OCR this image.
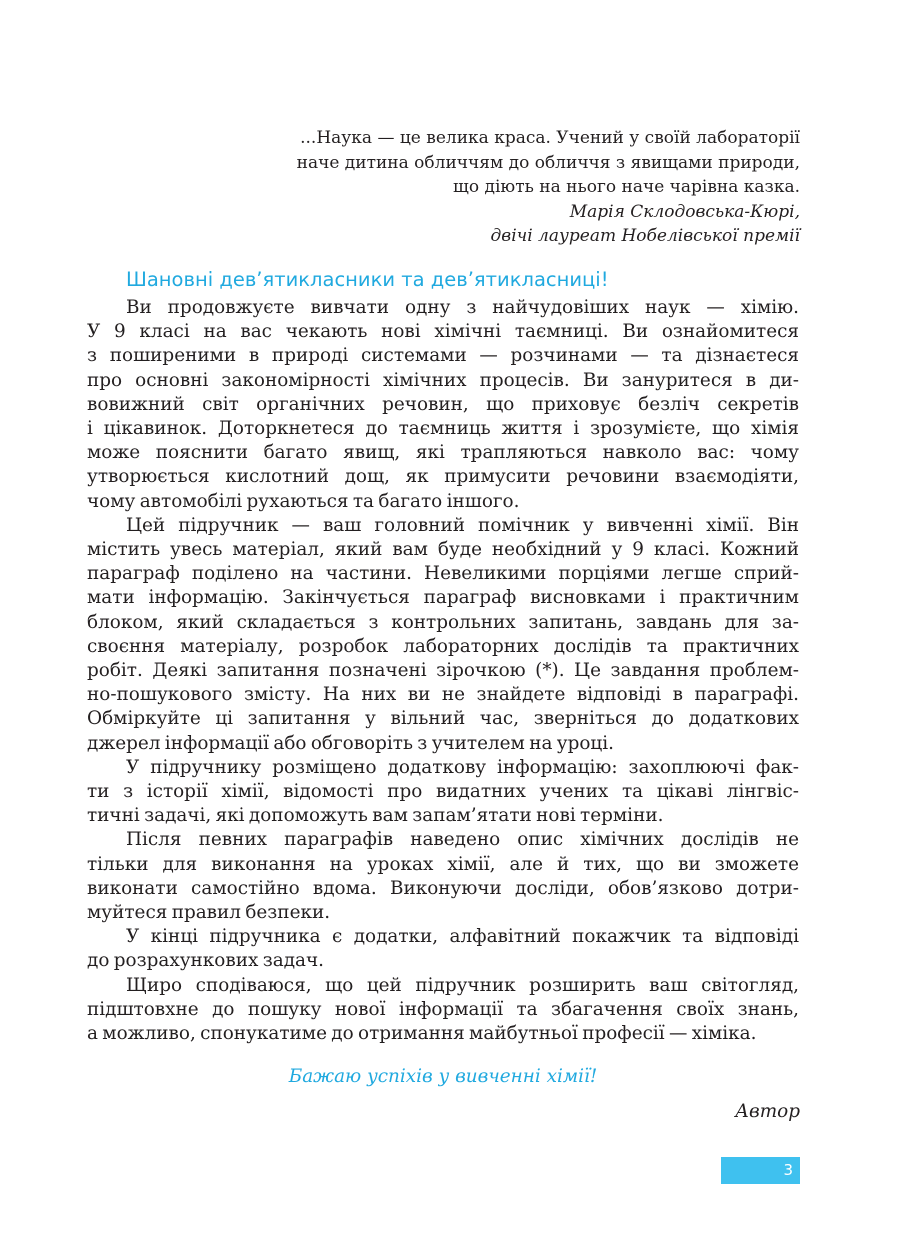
...Наука — це велика краса. Учений у своїй лабораторії
наче дитина обличчям до обличчя з явищами природи,
що діють на нього наче чарівна казка.
Марія Склодовська-Кюрі,
двічі лауреат Нобелівської премії
Шановні дев’ятикласники та дев’ятикласниці!

Ви продовжуєте вивчати одну з найчудовіших наук — хімію.
У 9 класі на вас чекають нові хімічні таємниці. Ви ознайомитеся
з поширеними в природі системами — розчинами — та дізнаєтеся
про основні закономірності хімічних процесів. Ви зануритеся в ди-
вовижний світ органічних речовин, що приховує безліч секретів
і цікавинок. Доторкнетеся до таємниць життя і зрозумієте, що хімія
може пояснити багато явищ, які трапляються навколо вас: чому
утворюється кислотний дощ, як примусити речовини взаємодіяти,
чому автомобілі рухаються та багато іншого.

Цей підручник — ваш головний помічник у вивченні хімії. Він
містить увесь матеріал, який вам буде необхідний у 9 класі. Кожний
параграф поділено на частини. Невеликими порціями легше сприй-
мати інформацію. Закінчується параграф висновками і практичним
блоком, який складається з контрольних запитань, завдань для за-
своєння матеріалу, розробок лабораторних дослідів та практичних
робіт. Деякі запитання позначені зірочкою (*). Це завдання проблем-
но-пошукового змісту. На них ви не знайдете відповіді в параграфі.
Обміркуйте ці запитання у вільний час, зверніться до додаткових
джерел інформації або обговоріть з учителем на уроці.

У підручнику розміщено додаткову інформацію: захоплюючі фак-
ти з історії хімії, відомості про видатних учених та цікаві лінгвіс-
тичні задачі, які допоможуть вам запам’ятати нові терміни.

Після певних параграфів наведено опис хімічних дослідів не
тільки для виконання на уроках хімії, але й тих, що ви зможете
виконати самостійно вдома. Виконуючи досліди, обов’язково дотри-
муйтеся правил безпеки.

У кінці підручника є додатки, алфавітний покажчик та відповіді
до розрахункових задач.

Щиро сподіваюся, що цей підручник розширить ваш світогляд,
підштовхне до пошуку нової інформації та збагачення своїх знань,
а можливо, спонукатиме до отримання майбутньої професії — хіміка.

Бажаю успіхів у вивченні хімії!
Автор
3
